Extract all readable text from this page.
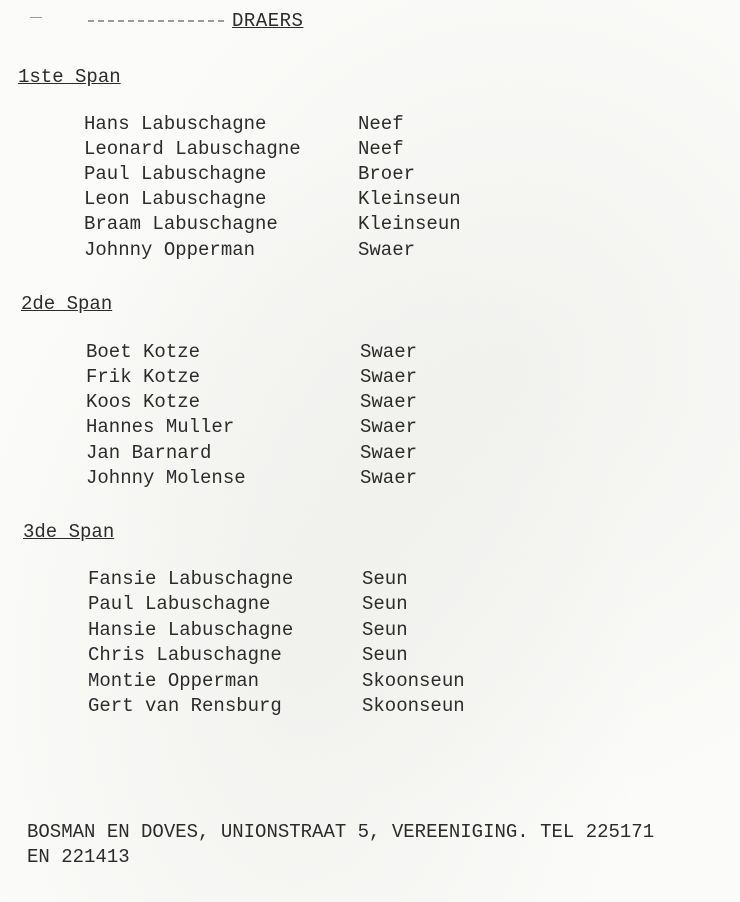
DRAERS
1ste Span
Hans Labuschagne	Neef
Leonard Labuschagne	Neef
Paul Labuschagne	Broer
Leon Labuschagne	Kleinseun
Braam Labuschagne	Kleinseun
Johnny Opperman	Swaer
2de Span
Boet Kotze	Swaer
Frik Kotze	Swaer
Koos Kotze	Swaer
Hannes Muller	Swaer
Jan Barnard	Swaer
Johnny Molense	Swaer
3de Span
Fansie Labuschagne	Seun
Paul Labuschagne	Seun
Hansie Labuschagne	Seun
Chris Labuschagne	Seun
Montie Opperman	Skoonseun
Gert van Rensburg	Skoonseun
BOSMAN EN DOVES, UNIONSTRAAT 5, VEREENIGING. TEL 225171
EN 221413
